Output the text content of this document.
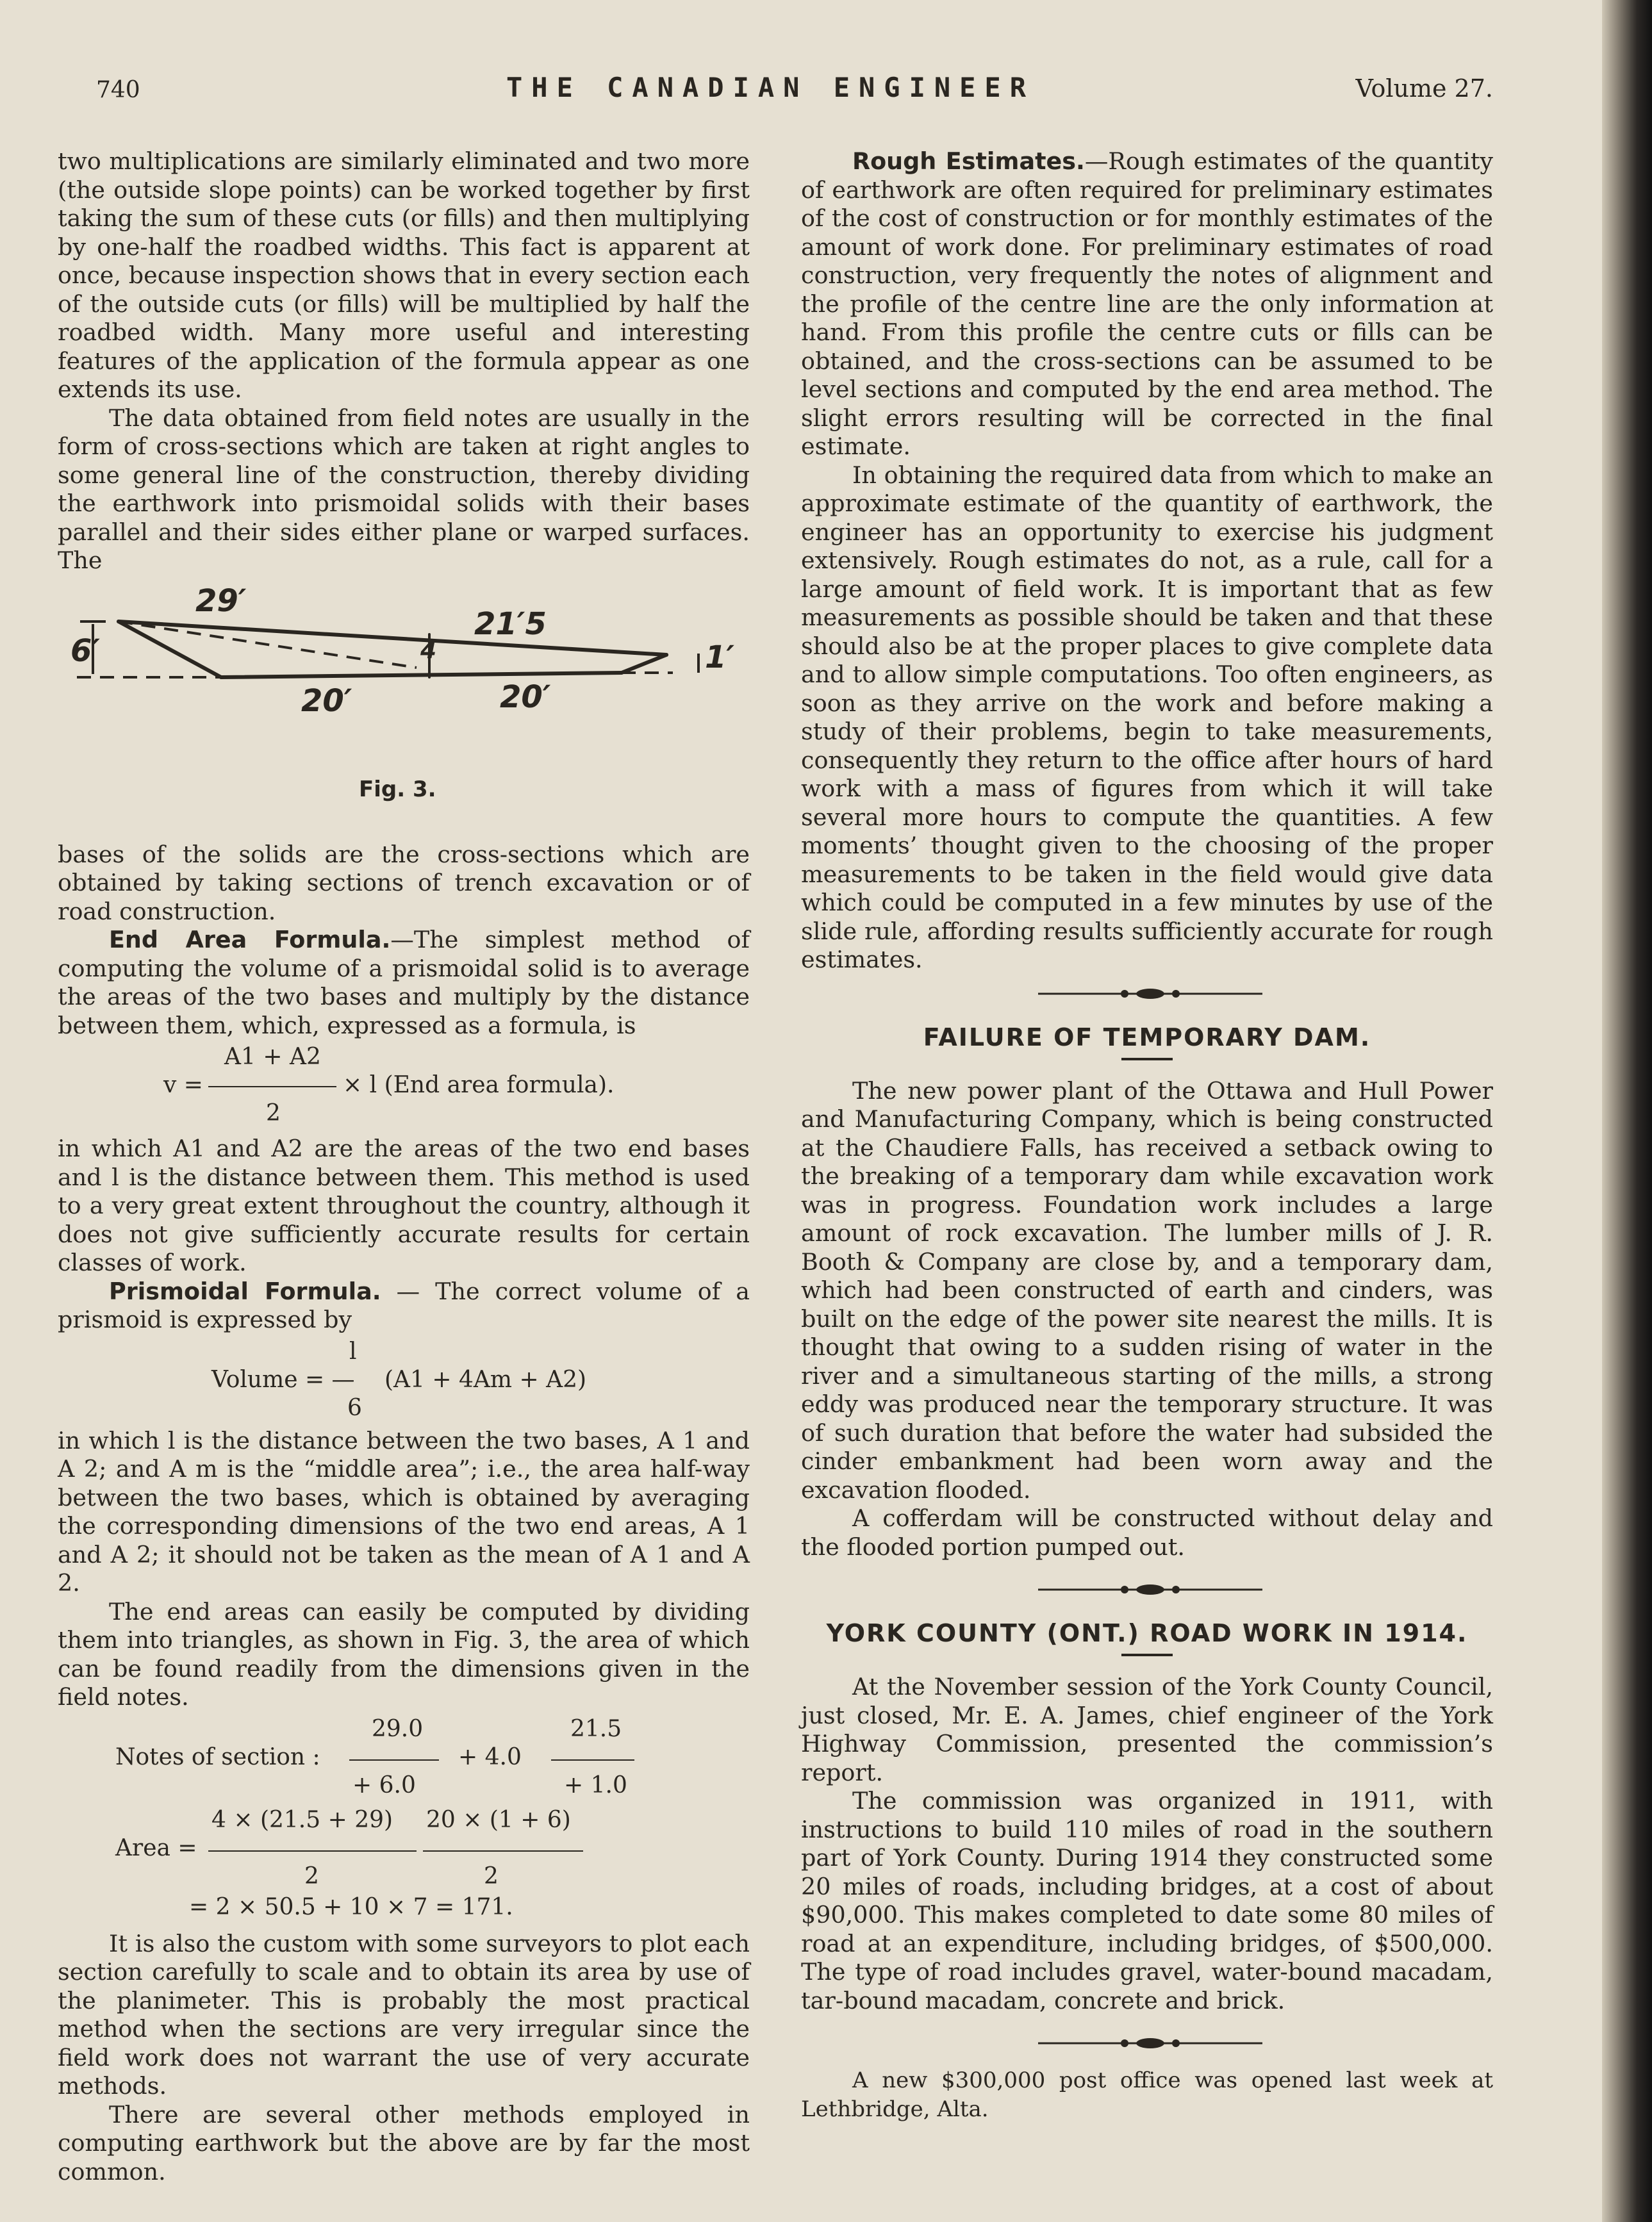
740	THE CANADIAN ENGINEER	Volume 27.

two multiplications are similarly eliminated and two more (the outside slope points) can be worked together by first taking the sum of these cuts (or fills) and then multiplying by one-half the roadbed widths. This fact is apparent at once, because inspection shows that in every section each of the outside cuts (or fills) will be multiplied by half the roadbed width. Many more useful and interesting features of the application of the formula appear as one extends its use.

The data obtained from field notes are usually in the form of cross-sections which are taken at right angles to some general line of the construction, thereby dividing the earthwork into prismoidal solids with their bases parallel and their sides either plane or warped surfaces. The

29′
21′5
6′	1′
20′	20′
4
Fig. 3.

bases of the solids are the cross-sections which are obtained by taking sections of trench excavation or of road construction.

End Area Formula.—The simplest method of computing the volume of a prismoidal solid is to average the areas of the two bases and multiply by the distance between them, which, expressed as a formula, is

A1 + A2
v =	× l (End area formula).
2

in which A1 and A2 are the areas of the two end bases and l is the distance between them. This method is used to a very great extent throughout the country, although it does not give sufficiently accurate results for certain classes of work.

Prismoidal Formula. — The correct volume of a prismoid is expressed by

l
Volume = — (A1 + 4Am + A2)
6

in which l is the distance between the two bases, A 1 and A 2; and A m is the “middle area”; i.e., the area half-way between the two bases, which is obtained by averaging the corresponding dimensions of the two end areas, A 1 and A 2; it should not be taken as the mean of A 1 and A 2.

The end areas can easily be computed by dividing them into triangles, as shown in Fig. 3, the area of which can be found readily from the dimensions given in the field notes.

29.0
Notes of section :	+ 4.0
21.5
+ 6.0	+ 1.0
4 × (21.5 + 29) 20 × (1 + 6)
Area =
2	2
= 2 × 50.5 + 10 × 7 = 171.

It is also the custom with some surveyors to plot each section carefully to scale and to obtain its area by use of the planimeter. This is probably the most practical method when the sections are very irregular since the field work does not warrant the use of very accurate methods.

There are several other methods employed in computing earthwork but the above are by far the most common.

Rough Estimates.—Rough estimates of the quantity of earthwork are often required for preliminary estimates of the cost of construction or for monthly estimates of the amount of work done. For preliminary estimates of road construction, very frequently the notes of alignment and the profile of the centre line are the only information at hand. From this profile the centre cuts or fills can be obtained, and the cross-sections can be assumed to be level sections and computed by the end area method. The slight errors resulting will be corrected in the final estimate.

In obtaining the required data from which to make an approximate estimate of the quantity of earthwork, the engineer has an opportunity to exercise his judgment extensively. Rough estimates do not, as a rule, call for a large amount of field work. It is important that as few measurements as possible should be taken and that these should also be at the proper places to give complete data and to allow simple computations. Too often engineers, as soon as they arrive on the work and before making a study of their problems, begin to take measurements, consequently they return to the office after hours of hard work with a mass of figures from which it will take several more hours to compute the quantities. A few moments’ thought given to the choosing of the proper measurements to be taken in the field would give data which could be computed in a few minutes by use of the slide rule, affording results sufficiently accurate for rough estimates.

FAILURE OF TEMPORARY DAM.

The new power plant of the Ottawa and Hull Power and Manufacturing Company, which is being constructed at the Chaudiere Falls, has received a setback owing to the breaking of a temporary dam while excavation work was in progress. Foundation work includes a large amount of rock excavation. The lumber mills of J. R. Booth & Company are close by, and a temporary dam, which had been constructed of earth and cinders, was built on the edge of the power site nearest the mills. It is thought that owing to a sudden rising of water in the river and a simultaneous starting of the mills, a strong eddy was produced near the temporary structure. It was of such duration that before the water had subsided the cinder embankment had been worn away and the excavation flooded.

A cofferdam will be constructed without delay and the flooded portion pumped out.

YORK COUNTY (ONT.) ROAD WORK IN 1914.

At the November session of the York County Council, just closed, Mr. E. A. James, chief engineer of the York Highway Commission, presented the commission’s report.

The commission was organized in 1911, with instructions to build 110 miles of road in the southern part of York County. During 1914 they constructed some 20 miles of roads, including bridges, at a cost of about $90,000. This makes completed to date some 80 miles of road at an expenditure, including bridges, of $500,000. The type of road includes gravel, water-bound macadam, tar-bound macadam, concrete and brick.

A new $300,000 post office was opened last week at Lethbridge, Alta.
